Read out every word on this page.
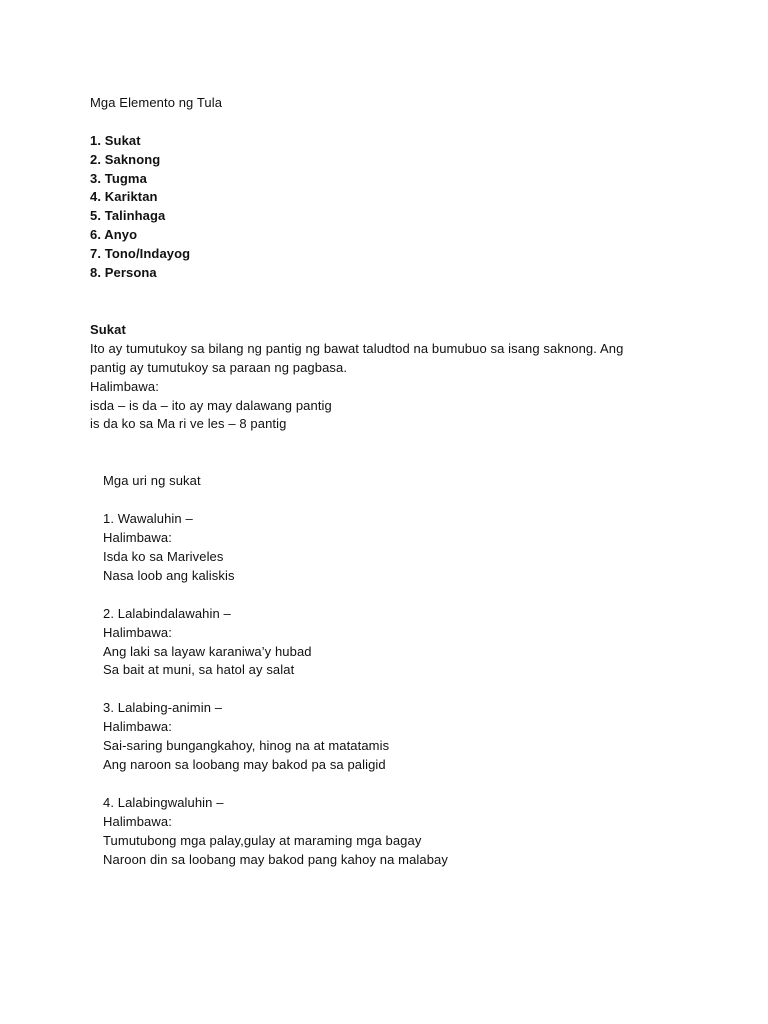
Mga Elemento ng Tula

1. Sukat

2. Saknong

3. Tugma

4. Kariktan

5. Talinhaga

6. Anyo

7. Tono/Indayog

8. Persona

Sukat

Ito ay tumutukoy sa bilang ng pantig ng bawat taludtod na bumubuo sa isang saknong. Ang

pantig ay tumutukoy sa paraan ng pagbasa.

Halimbawa:

isda – is da – ito ay may dalawang pantig

is da ko sa Ma ri ve les – 8 pantig

Mga uri ng sukat

1. Wawaluhin –

Halimbawa:

Isda ko sa Mariveles

Nasa loob ang kaliskis

2. Lalabindalawahin –

Halimbawa:

Ang laki sa layaw karaniwa’y hubad

Sa bait at muni, sa hatol ay salat

3. Lalabing-animin –

Halimbawa:

Sai-saring bungangkahoy, hinog na at matatamis

Ang naroon sa loobang may bakod pa sa paligid

4. Lalabingwaluhin –

Halimbawa:

Tumutubong mga palay,gulay at maraming mga bagay

Naroon din sa loobang may bakod pang kahoy na malabay
